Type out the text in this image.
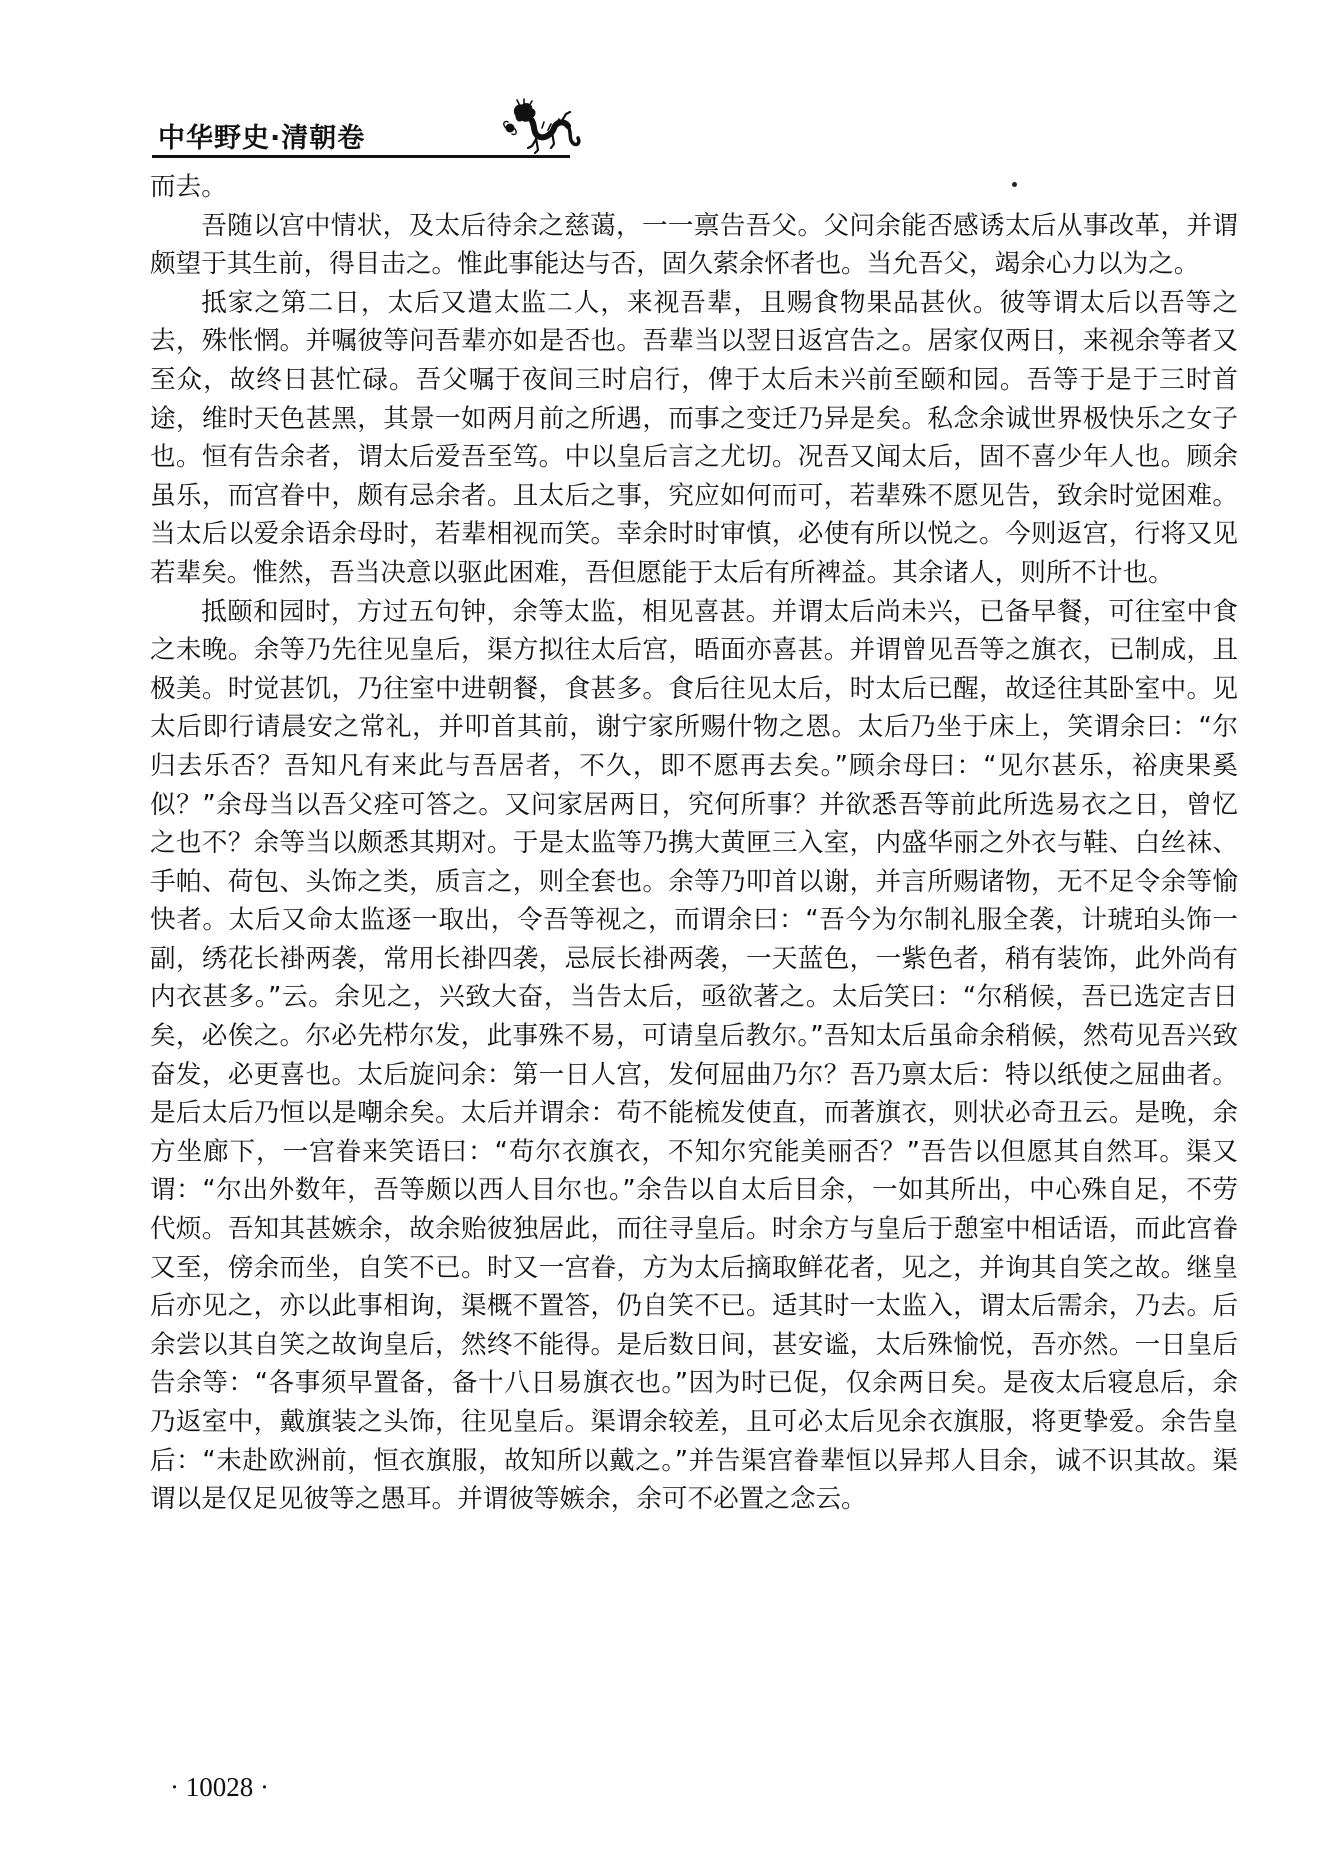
中华野史·清朝卷

而去。

吾随以宫中情状，及太后待余之慈蔼，一一禀告吾父。父问余能否感诱太后从事改革，并谓颇望于其生前，得目击之。惟此事能达与否，固久萦余怀者也。当允吾父，竭余心力以为之。

抵家之第二日，太后又遣太监二人，来视吾辈，且赐食物果品甚伙。彼等谓太后以吾等之去，殊怅惘。并嘱彼等问吾辈亦如是否也。吾辈当以翌日返宫告之。居家仅两日，来视余等者又至众，故终日甚忙碌。吾父嘱于夜间三时启行，俾于太后未兴前至颐和园。吾等于是于三时首途，维时天色甚黑，其景一如两月前之所遇，而事之变迁乃异是矣。私念余诚世界极快乐之女子也。恒有告余者，谓太后爱吾至笃。中以皇后言之尤切。况吾又闻太后，固不喜少年人也。顾余虽乐，而宫眷中，颇有忌余者。且太后之事，究应如何而可，若辈殊不愿见告，致余时觉困难。当太后以爱余语余母时，若辈相视而笑。幸余时时审慎，必使有所以悦之。今则返宫，行将又见若辈矣。惟然，吾当决意以驱此困难，吾但愿能于太后有所裨益。其余诸人，则所不计也。

抵颐和园时，方过五句钟，余等太监，相见喜甚。并谓太后尚未兴，已备早餐，可往室中食之未晚。余等乃先往见皇后，渠方拟往太后宫，晤面亦喜甚。并谓曾见吾等之旗衣，已制成，且极美。时觉甚饥，乃往室中进朝餐，食甚多。食后往见太后，时太后已醒，故迳往其卧室中。见太后即行请晨安之常礼，并叩首其前，谢宁家所赐什物之恩。太后乃坐于床上，笑谓余曰：“尔归去乐否？吾知凡有来此与吾居者，不久，即不愿再去矣。”顾余母曰：“见尔甚乐，裕庚果奚似？”余母当以吾父痊可答之。又问家居两日，究何所事？并欲悉吾等前此所选易衣之日，曾忆之也不？余等当以颇悉其期对。于是太监等乃携大黄匣三入室，内盛华丽之外衣与鞋、白丝袜、手帕、荷包、头饰之类，质言之，则全套也。余等乃叩首以谢，并言所赐诸物，无不足令余等愉快者。太后又命太监逐一取出，令吾等视之，而谓余曰：“吾今为尔制礼服全袭，计琥珀头饰一副，绣花长褂两袭，常用长褂四袭，忌辰长褂两袭，一天蓝色，一紫色者，稍有装饰，此外尚有内衣甚多。”云。余见之，兴致大奋，当告太后，亟欲著之。太后笑曰：“尔稍候，吾已选定吉日矣，必俟之。尔必先栉尔发，此事殊不易，可请皇后教尔。”吾知太后虽命余稍候，然苟见吾兴致奋发，必更喜也。太后旋问余：第一日人宫，发何屈曲乃尔？吾乃禀太后：特以纸使之屈曲者。是后太后乃恒以是嘲余矣。太后并谓余：苟不能梳发使直，而著旗衣，则状必奇丑云。是晚，余方坐廊下，一宫眷来笑语曰：“苟尔衣旗衣，不知尔究能美丽否？”吾告以但愿其自然耳。渠又谓：“尔出外数年，吾等颇以西人目尔也。”余告以自太后目余，一如其所出，中心殊自足，不劳代烦。吾知其甚嫉余，故余贻彼独居此，而往寻皇后。时余方与皇后于憩室中相话语，而此宫眷又至，傍余而坐，自笑不已。时又一宫眷，方为太后摘取鲜花者，见之，并询其自笑之故。继皇后亦见之，亦以此事相询，渠概不置答，仍自笑不已。适其时一太监入，谓太后需余，乃去。后余尝以其自笑之故询皇后，然终不能得。是后数日间，甚安谧，太后殊愉悦，吾亦然。一日皇后告余等：“各事须早置备，备十八日易旗衣也。”因为时已促，仅余两日矣。是夜太后寝息后，余乃返室中，戴旗装之头饰，往见皇后。渠谓余较差，且可必太后见余衣旗服，将更挚爱。余告皇后：“未赴欧洲前，恒衣旗服，故知所以戴之。”并告渠宫眷辈恒以异邦人目余，诚不识其故。渠谓以是仅足见彼等之愚耳。并谓彼等嫉余，余可不必置之念云。

· 10028 ·
